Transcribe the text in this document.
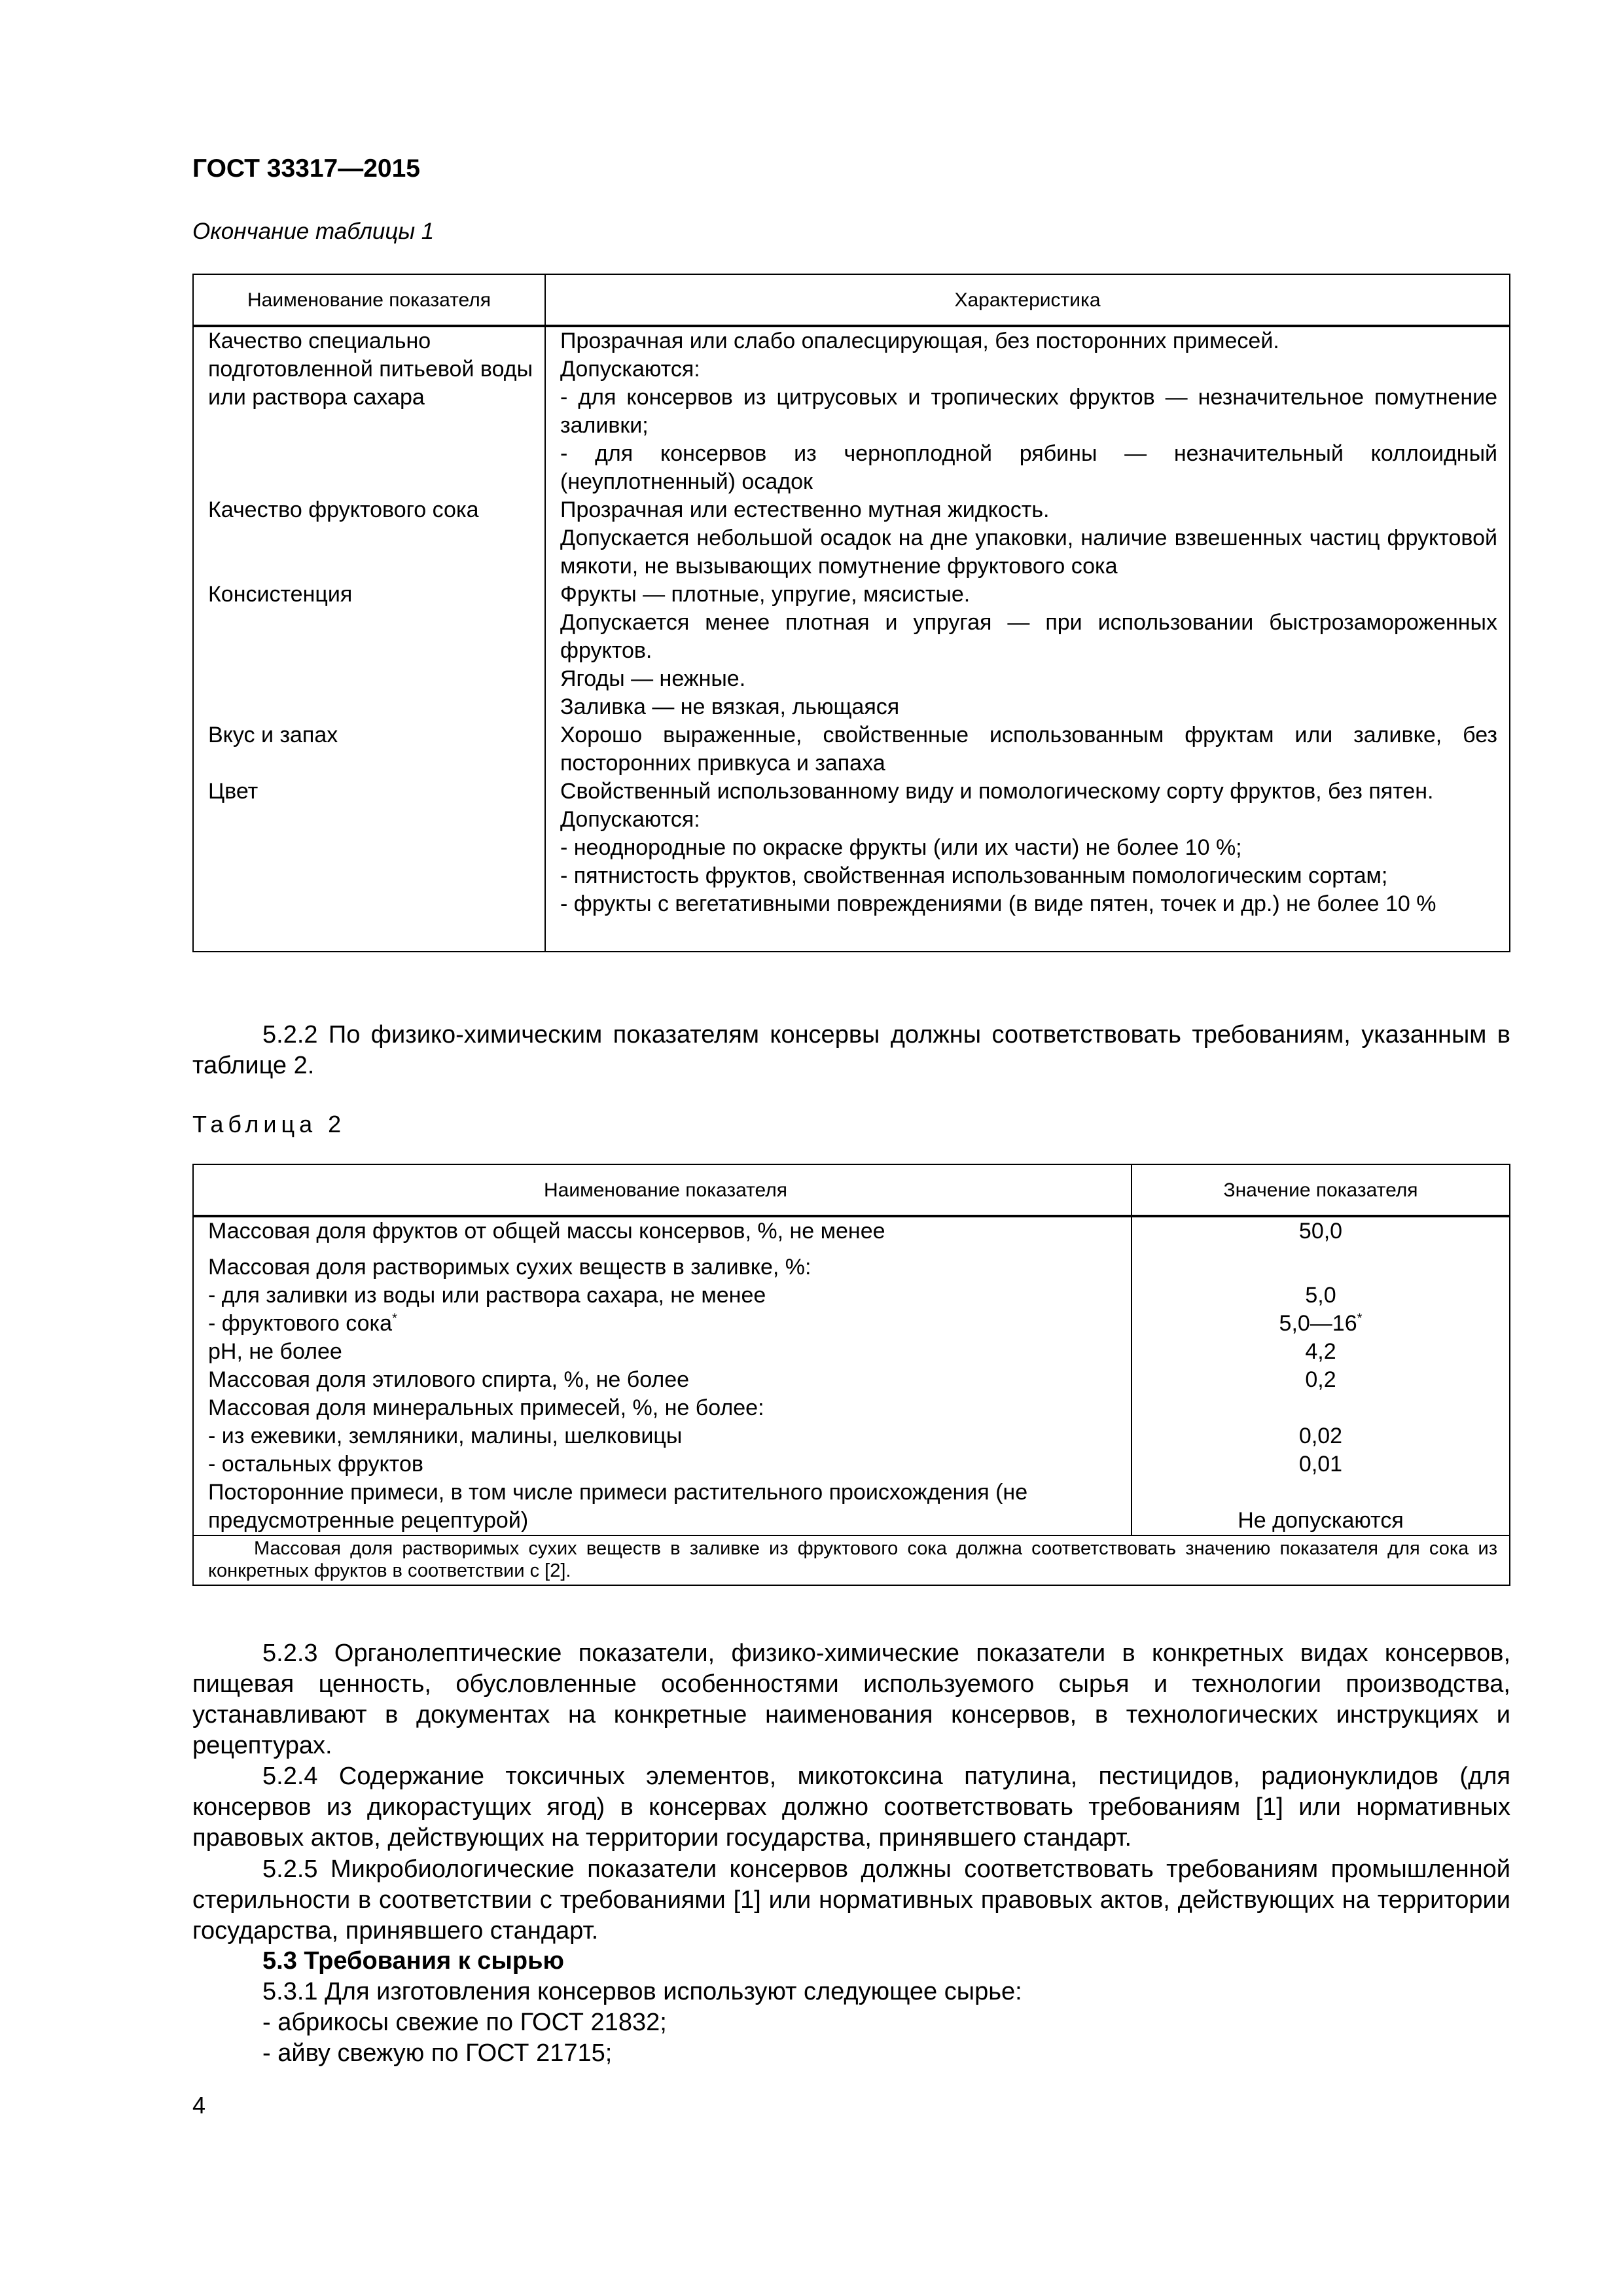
ГОСТ 33317—2015
Окончание таблицы 1
Наименование показателя	Характеристика
Качество специально подготовленной питьевой воды или раствора сахара	Прозрачная или слабо опалесцирующая, без посторонних примесей.
Допускаются:
- для консервов из цитрусовых и тропических фруктов — незначительное помутнение заливки;
- для консервов из черноплодной рябины — незначительный коллоидный (неуплотненный) осадок

Качество фруктового сока	Прозрачная или естественно мутная жидкость.
Допускается небольшой осадок на дне упаковки, наличие взвешенных частиц фруктовой мякоти, не вызывающих помутнение фруктового сока

Консистенция	Фрукты — плотные, упругие, мясистые.
Допускается менее плотная и упругая — при использовании быстрозамороженных фруктов.
Ягоды — нежные.
Заливка — не вязкая, льющаяся

Вкус и запах	Хорошо выраженные, свойственные использованным фруктам или заливке, без посторонних привкуса и запаха

Цвет	Свойственный использованному виду и помологическому сорту фруктов, без пятен.
Допускаются:
- неоднородные по окраске фрукты (или их части) не более 10 %;
- пятнистость фруктов, свойственная использованным помологическим сортам;
- фрукты с вегетативными повреждениями (в виде пятен, точек и др.) не более 10 %
5.2.2 По физико-химическим показателям консервы должны соответствовать требованиям, указанным в таблице 2.
Таблица 2
Наименование показателя	Значение показателя
Массовая доля фруктов от общей массы консервов, %, не менее	50,0
Массовая доля растворимых сухих веществ в заливке, %:	
- для заливки из воды или раствора сахара, не менее	5,0
- фруктового сока*	5,0—16*
pH, не более	4,2
Массовая доля этилового спирта, %, не более	0,2
Массовая доля минеральных примесей, %, не более:	
- из ежевики, земляники, малины, шелковицы	0,02
- остальных фруктов	0,01
Посторонние примеси, в том числе примеси растительного происхождения (не предусмотренные рецептурой)	Не допускаются

Массовая доля растворимых сухих веществ в заливке из фруктового сока должна соответствовать значению показателя для сока из конкретных фруктов в соответствии с [2].	
5.2.3 Органолептические показатели, физико-химические показатели в конкретных видах консервов, пищевая ценность, обусловленные особенностями используемого сырья и технологии производства, устанавливают в документах на конкретные наименования консервов, в технологических инструкциях и рецептурах.
5.2.4 Содержание токсичных элементов, микотоксина патулина, пестицидов, радионуклидов (для консервов из дикорастущих ягод) в консервах должно соответствовать требованиям [1] или нормативных правовых актов, действующих на территории государства, принявшего стандарт.
5.2.5 Микробиологические показатели консервов должны соответствовать требованиям промышленной стерильности в соответствии с требованиями [1] или нормативных правовых актов, действующих на территории государства, принявшего стандарт.
5.3 Требования к сырью
5.3.1 Для изготовления консервов используют следующее сырье:
- абрикосы свежие по ГОСТ 21832;
- айву свежую по ГОСТ 21715;
4
